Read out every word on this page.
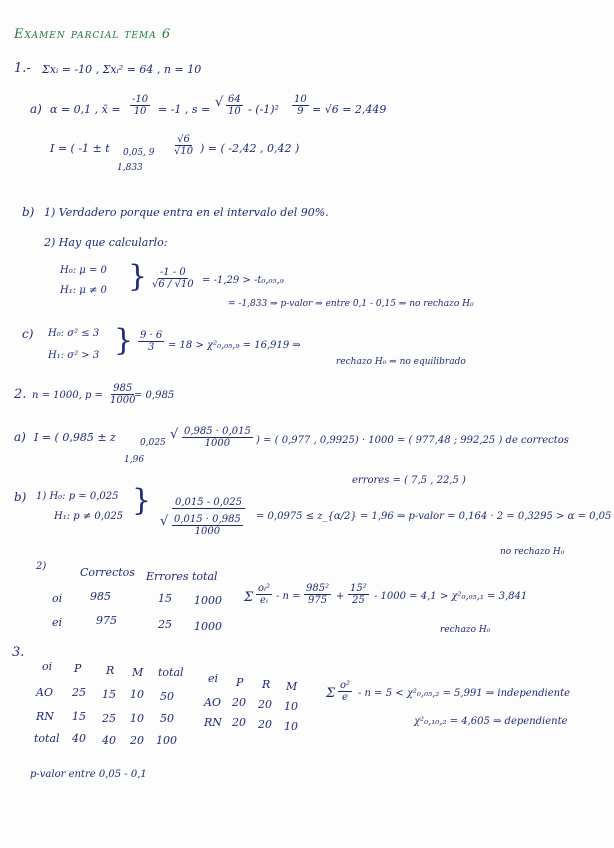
Examen parcial tema 6
1.- Σxᵢ = -10 , Σxᵢ² = 64 , n = 10
a) α = 0,1 , x̄ = $\frac{-10}{10} = -1$ , s = √ $\frac{64}{10} - (-1)^2 \frac{10}{9} = √6 = 2,449$
I = ( -1 ± t 0,05, $9 \frac{√6}{√10}$ ) = ( -2,42 , 0,42 )
1,833
b) 1) Verdadero porque entra en el intervalo del 90%.
2) Hay que calcularlo:
H₀: μ = 0
H₁: μ ≠ 0 } $\frac{-1 - 0}{√6 / √10} = -1,29 > -t_0,_{05},_9$
= -1,833 ⇒ p-valor ⇒ entre 0,1 - 0,15 ⇒ no rechazo H₀
c) H₀: σ² ≤ 3
H₁: σ² > 3 } $\frac{9 \cdot 6}{3} = 18 > \chi^2_0,_{05},_9 = 16,919$ ⇒
rechazo H₀ ⇒ no equilibrado
2. n = 1000, $p = \frac{985}{1000}$
= 0,985
a) I = ( 0,985 ± z	0,025
1,96
√ $\frac{0,985 \cdot 0,015}{1000}$ ) = ( 0,977 , 0,9925) · 1000 = ( 977,48 ; 992,25 ) de correctos
errores = ( 7,5 , 22,5 )
b) 1) H₀: p = 0,025
H₁: p ≠ 0,025 }	0,015 - 0,025
√ $\frac{0,015 \cdot 0,985}{1000} = 0,0975$ ≤ z_{α/2} = 1,96 ⇒ p-valor = 0,164 · 2 = 0,3295 > α = 0,05
no rechazo H₀
2)	Correctos Errores total
oi	985	15 1000
ei	975	25 1000
Σ $\frac{\text{oᵢ²}}{\text{eᵢ}} - n = \frac{\text{985²}}{975} + \frac{\text{15²}}{25} - 1000 = 4,1 > \chi^2_0,_{05},_1 = 3,841$
rechazo H₀
3.
oi P R M total
AO 25 15 10 50
RN 15 25 10 50
total 40 40 20 100
ei P R M
AO 20 20 10
RN 20 20 10
Σ $\frac{\text{o²}}{e} - n = 5 < \chi^2_0,_{05},_2 = 5,991$ ⇒ independiente
χ²₀,₁₀,₂ = 4,605 ⇒ dependiente
p-valor entre 0,05 - 0,1
